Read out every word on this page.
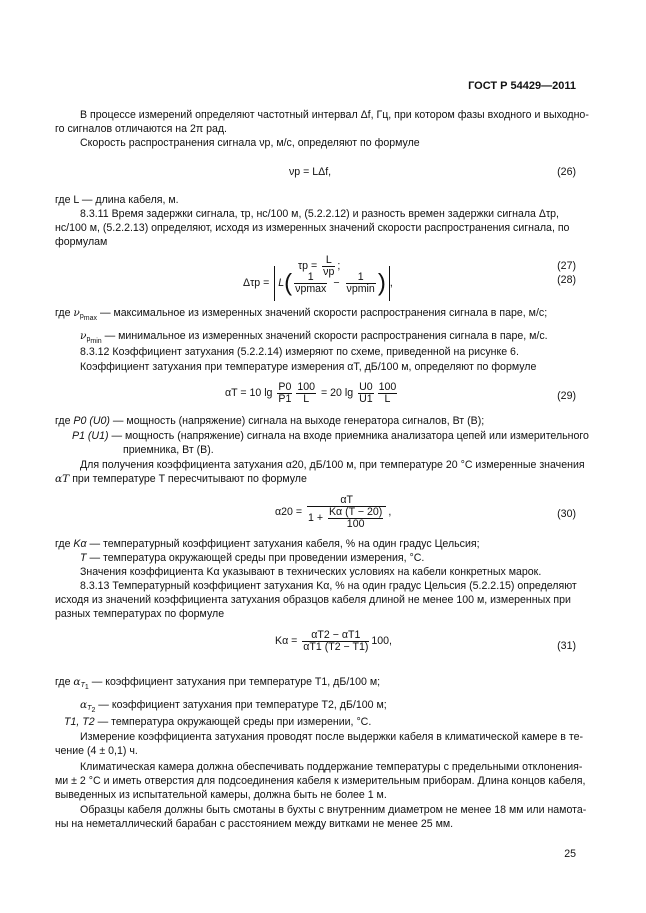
ГОСТ Р 54429—2011
В процессе измерений определяют частотный интервал Δf, Гц, при котором фазы входного и выходно-
го сигналов отличаются на 2π рад.
Скорость распространения сигнала νр, м/с, определяют по формуле
νр = LΔf,	(26)
где L — длина кабеля, м.
8.3.11 Время задержки сигнала, τр, нс/100 м, (5.2.2.12) и разность времен задержки сигнала Δτр,
нс/100 м, (5.2.2.13) определяют, исходя из измеренных значений скорости распространения сигнала, по
формулам
$\tau р = \frac{L}{\nu р}$ ;	(27)
$\Delta\tau р = L( \frac{1}{\nu р\max} - \frac{1}{\nu р\min}$ ) ,	(28)
где $\nu_{p_{max}}$ — максимальное из измеренных значений скорости распространения сигнала в паре, м/с;
$\nu_{p_{min}}$ — минимальное из измеренных значений скорости распространения сигнала в паре, м/с.
8.3.12 Коэффициент затухания (5.2.2.14) измеряют по схеме, приведенной на рисунке 6.
Коэффициент затухания при температуре измерения αT, дБ/100 м, определяют по формуле
αT = 10 $\lg \frac{P0}{P1} \frac{100}{L} = 20$ $\lg \frac{U0}{U1} \frac{100}{L}$	(29)
где P0 (U0) — мощность (напряжение) сигнала на выходе генератора сигналов, Вт (В);
P1 (U1) — мощность (напряжение) сигнала на входе приемника анализатора цепей или измерительного
приемника, Вт (В).
Для получения коэффициента затухания α20, дБ/100 м, при температуре 20 °С измеренные значения
αT при температуре T пересчитывают по формуле
$\alpha 20 = \frac{\alpha T}{1 + \frac{K\alpha (T - 20)}{100}}$ ,	(30)
где Kα — температурный коэффициент затухания кабеля, % на один градус Цельсия;
T — температура окружающей среды при проведении измерения, °С.
Значения коэффициента Kα указывают в технических условиях на кабели конкретных марок.
8.3.13 Температурный коэффициент затухания Kα, % на один градус Цельсия (5.2.2.15) определяют
исходя из значений коэффициента затухания образцов кабеля длиной не менее 100 м, измеренных при
разных температурах по формуле
$K\alpha = \frac{\alpha T2 - \alpha T1}{\alpha T1 (T2 - T1)} 100$,	(31)
где $\alpha_{T_1}$ — коэффициент затухания при температуре T1, дБ/100 м;
$\alpha_{T_2}$ — коэффициент затухания при температуре T2, дБ/100 м;
T1, T2 — температура окружающей среды при измерении, °С.
Измерение коэффициента затухания проводят после выдержки кабеля в климатической камере в те-
чение (4 ± 0,1) ч.
Климатическая камера должна обеспечивать поддержание температуры с предельными отклонения-
ми ± 2 °С и иметь отверстия для подсоединения кабеля к измерительным приборам. Длина концов кабеля,
выведенных из испытательной камеры, должна быть не более 1 м.
Образцы кабеля должны быть смотаны в бухты с внутренним диаметром не менее 18 мм или намота-
ны на неметаллический барабан с расстоянием между витками не менее 25 мм.
25
